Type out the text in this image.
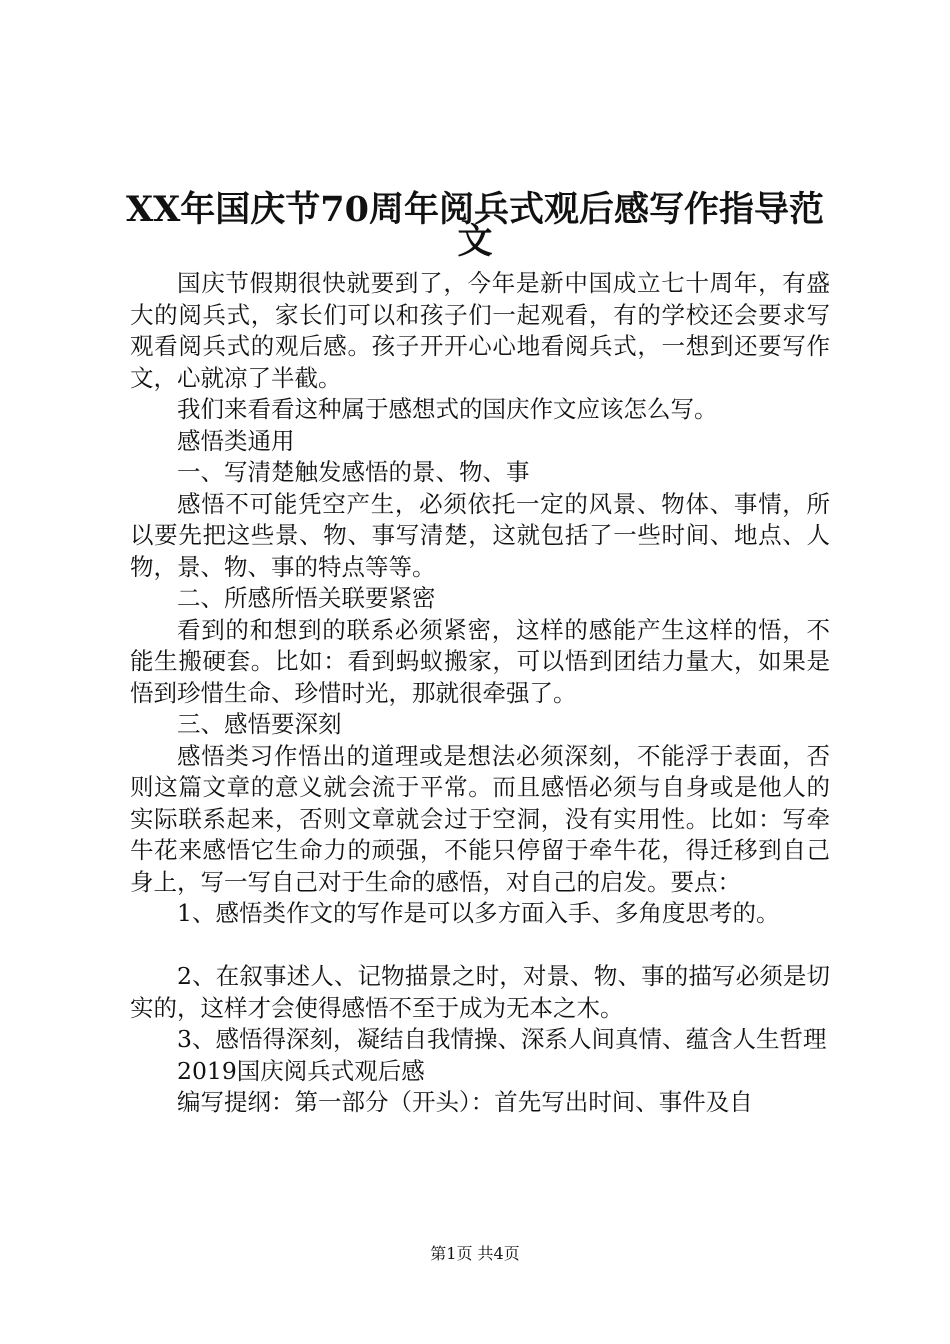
XX年国庆节70周年阅兵式观后感写作指导范
文

国庆节假期很快就要到了，今年是新中国成立七十周年，有盛大的阅兵式，家长们可以和孩子们一起观看，有的学校还会要求写观看阅兵式的观后感。孩子开开心心地看阅兵式，一想到还要写作文，心就凉了半截。

我们来看看这种属于感想式的国庆作文应该怎么写。

感悟类通用

一、写清楚触发感悟的景、物、事

感悟不可能凭空产生，必须依托一定的风景、物体、事情，所以要先把这些景、物、事写清楚，这就包括了一些时间、地点、人物，景、物、事的特点等等。

二、所感所悟关联要紧密

看到的和想到的联系必须紧密，这样的感能产生这样的悟，不能生搬硬套。比如：看到蚂蚁搬家，可以悟到团结力量大，如果是悟到珍惜生命、珍惜时光，那就很牵强了。

三、感悟要深刻

感悟类习作悟出的道理或是想法必须深刻，不能浮于表面，否则这篇文章的意义就会流于平常。而且感悟必须与自身或是他人的实际联系起来，否则文章就会过于空洞，没有实用性。比如：写牵牛花来感悟它生命力的顽强，不能只停留于牵牛花，得迁移到自己身上，写一写自己对于生命的感悟，对自己的启发。要点：

1、感悟类作文的写作是可以多方面入手、多角度思考的。

2、在叙事述人、记物描景之时，对景、物、事的描写必须是切实的，这样才会使得感悟不至于成为无本之木。

3、感悟得深刻，凝结自我情操、深系人间真情、蕴含人生哲理

2019国庆阅兵式观后感

编写提纲：第一部分（开头）：首先写出时间、事件及自

第1页 共4页
